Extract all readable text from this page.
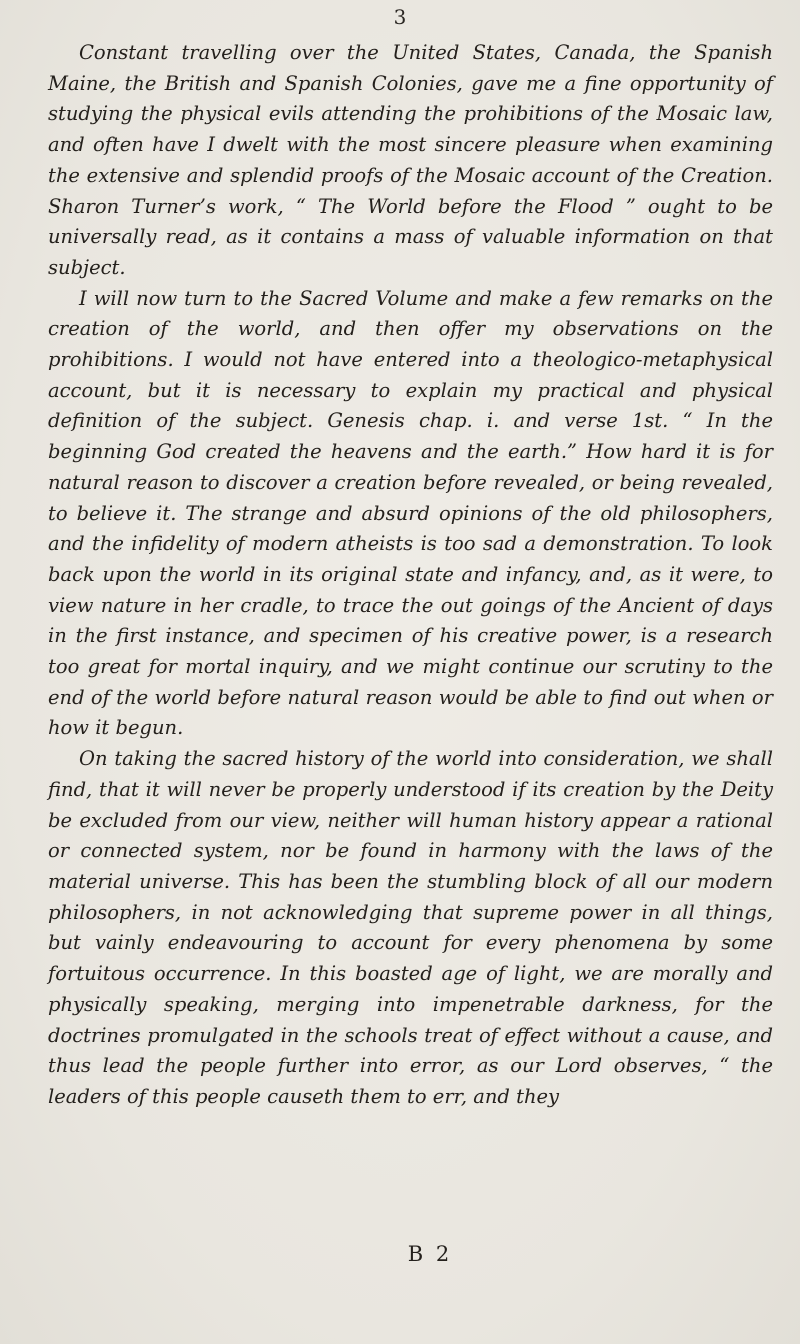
3

Constant travelling over the United States, Canada, the Spanish Maine, the British and Spanish Colonies, gave me a fine opportunity of studying the physical evils attending the prohibitions of the Mosaic law, and often have I dwelt with the most sincere pleasure when examining the extensive and splendid proofs of the Mosaic account of the Creation. Sharon Turner’s work, “ The World before the Flood ” ought to be universally read, as it contains a mass of valuable information on that subject.

I will now turn to the Sacred Volume and make a few remarks on the creation of the world, and then offer my observations on the prohibitions. I would not have entered into a theologico-metaphysical account, but it is necessary to explain my practical and physical definition of the subject. Genesis chap. i. and verse 1st. “ In the beginning God created the heavens and the earth.” How hard it is for natural reason to discover a creation before revealed, or being revealed, to believe it. The strange and absurd opinions of the old philosophers, and the infidelity of modern atheists is too sad a demonstration. To look back upon the world in its original state and infancy, and, as it were, to view nature in her cradle, to trace the out goings of the Ancient of days in the first instance, and specimen of his creative power, is a research too great for mortal inquiry, and we might continue our scrutiny to the end of the world before natural reason would be able to find out when or how it begun.

On taking the sacred history of the world into consideration, we shall find, that it will never be properly understood if its creation by the Deity be excluded from our view, neither will human history appear a rational or connected system, nor be found in harmony with the laws of the material universe. This has been the stumbling block of all our modern philosophers, in not acknowledging that supreme power in all things, but vainly endeavouring to account for every phenomena by some fortuitous occurrence. In this boasted age of light, we are morally and physically speaking, merging into impenetrable darkness, for the doctrines promulgated in the schools treat of effect without a cause, and thus lead the people further into error, as our Lord observes, “ the leaders of this people causeth them to err, and they

B 2
